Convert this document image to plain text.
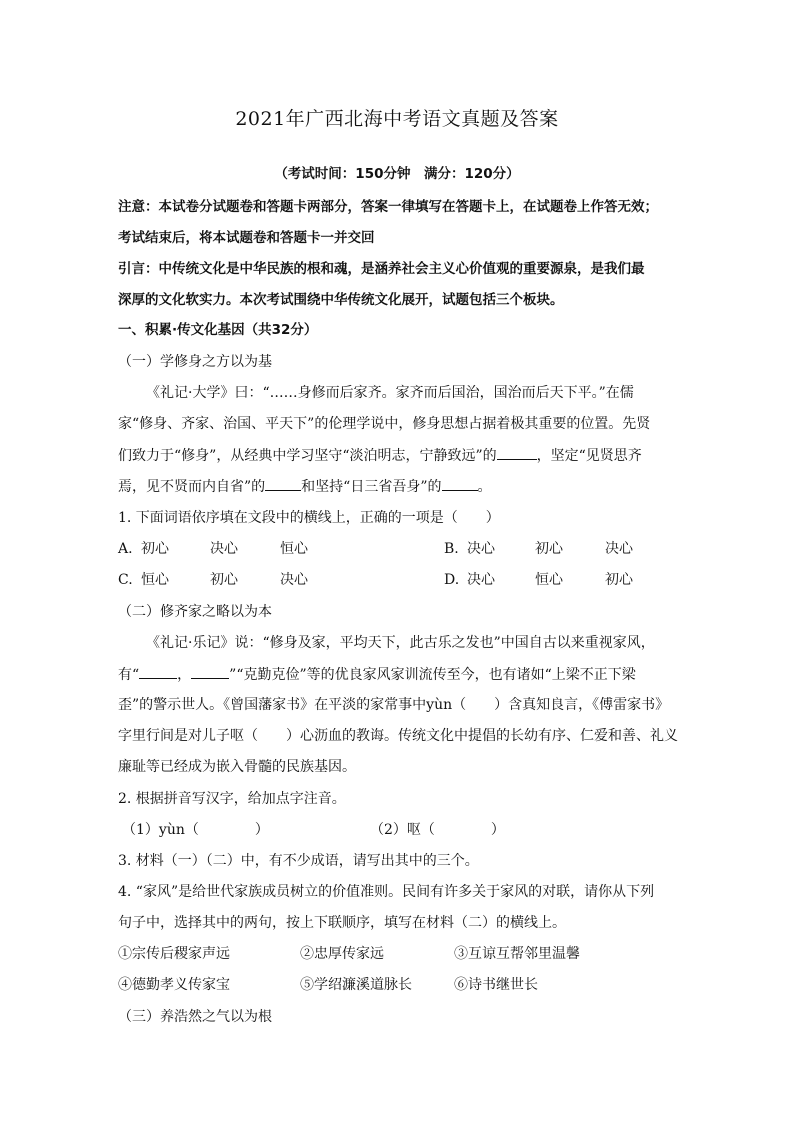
2021年广西北海中考语文真题及答案
（考试时间：150分钟　满分：120分）
注意：本试卷分试题卷和答题卡两部分，答案一律填写在答题卡上，在试题卷上作答无效；
考试结束后，将本试题卷和答题卡一并交回
引言：中传统文化是中华民族的根和魂，是涵养社会主义心价值观的重要源泉，是我们最
深厚的文化软实力。本次考试围绕中华传统文化展开，试题包括三个板块。
一、积累·传文化基因（共32分）
（一）学修身之方以为基
《礼记·大学》曰：“……身修而后家齐。家齐而后国治，国治而后天下平。”在儒
家“修身、齐家、治国、平天下”的伦理学说中，修身思想占据着极其重要的位置。先贤
们致力于“修身”，从经典中学习坚守“淡泊明志，宁静致远”的	，坚定“见贤思齐
焉，见不贤而内自省”的	和坚持“日三省吾身”的	。
1. 下面词语依序填在文段中的横线上，正确的一项是（　　）
A. 初心	决心	恒心	B. 决心	初心	决心
C. 恒心	初心	决心	D. 决心	恒心	初心
（二）修齐家之略以为本
《礼记·乐记》说：“修身及家，平均天下，此古乐之发也”中国自古以来重视家风，
有“	，	”“克勤克俭”等的优良家风家训流传至今，也有诸如“上梁不正下梁
歪”的警示世人。《曾国藩家书》在平淡的家常事中yùn（　　）含真知良言，《傅雷家书》
字里行间是对儿子呕（　　）心沥血的教诲。传统文化中提倡的长幼有序、仁爱和善、礼义
廉耻等已经成为嵌入骨髓的民族基因。
2. 根据拼音写汉字，给加点字注音。
（1）yùn（　　　　）	（2）呕（　　　　）
3. 材料（一）（二）中，有不少成语，请写出其中的三个。
4. “家风”是给世代家族成员树立的价值准则。民间有许多关于家风的对联，请你从下列
句子中，选择其中的两句，按上下联顺序，填写在材料（二）的横线上。
①宗传后稷家声远	②忠厚传家远	③互谅互帮邻里温馨
④德勤孝义传家宝	⑤学绍濂溪道脉长	⑥诗书继世长
（三）养浩然之气以为根
